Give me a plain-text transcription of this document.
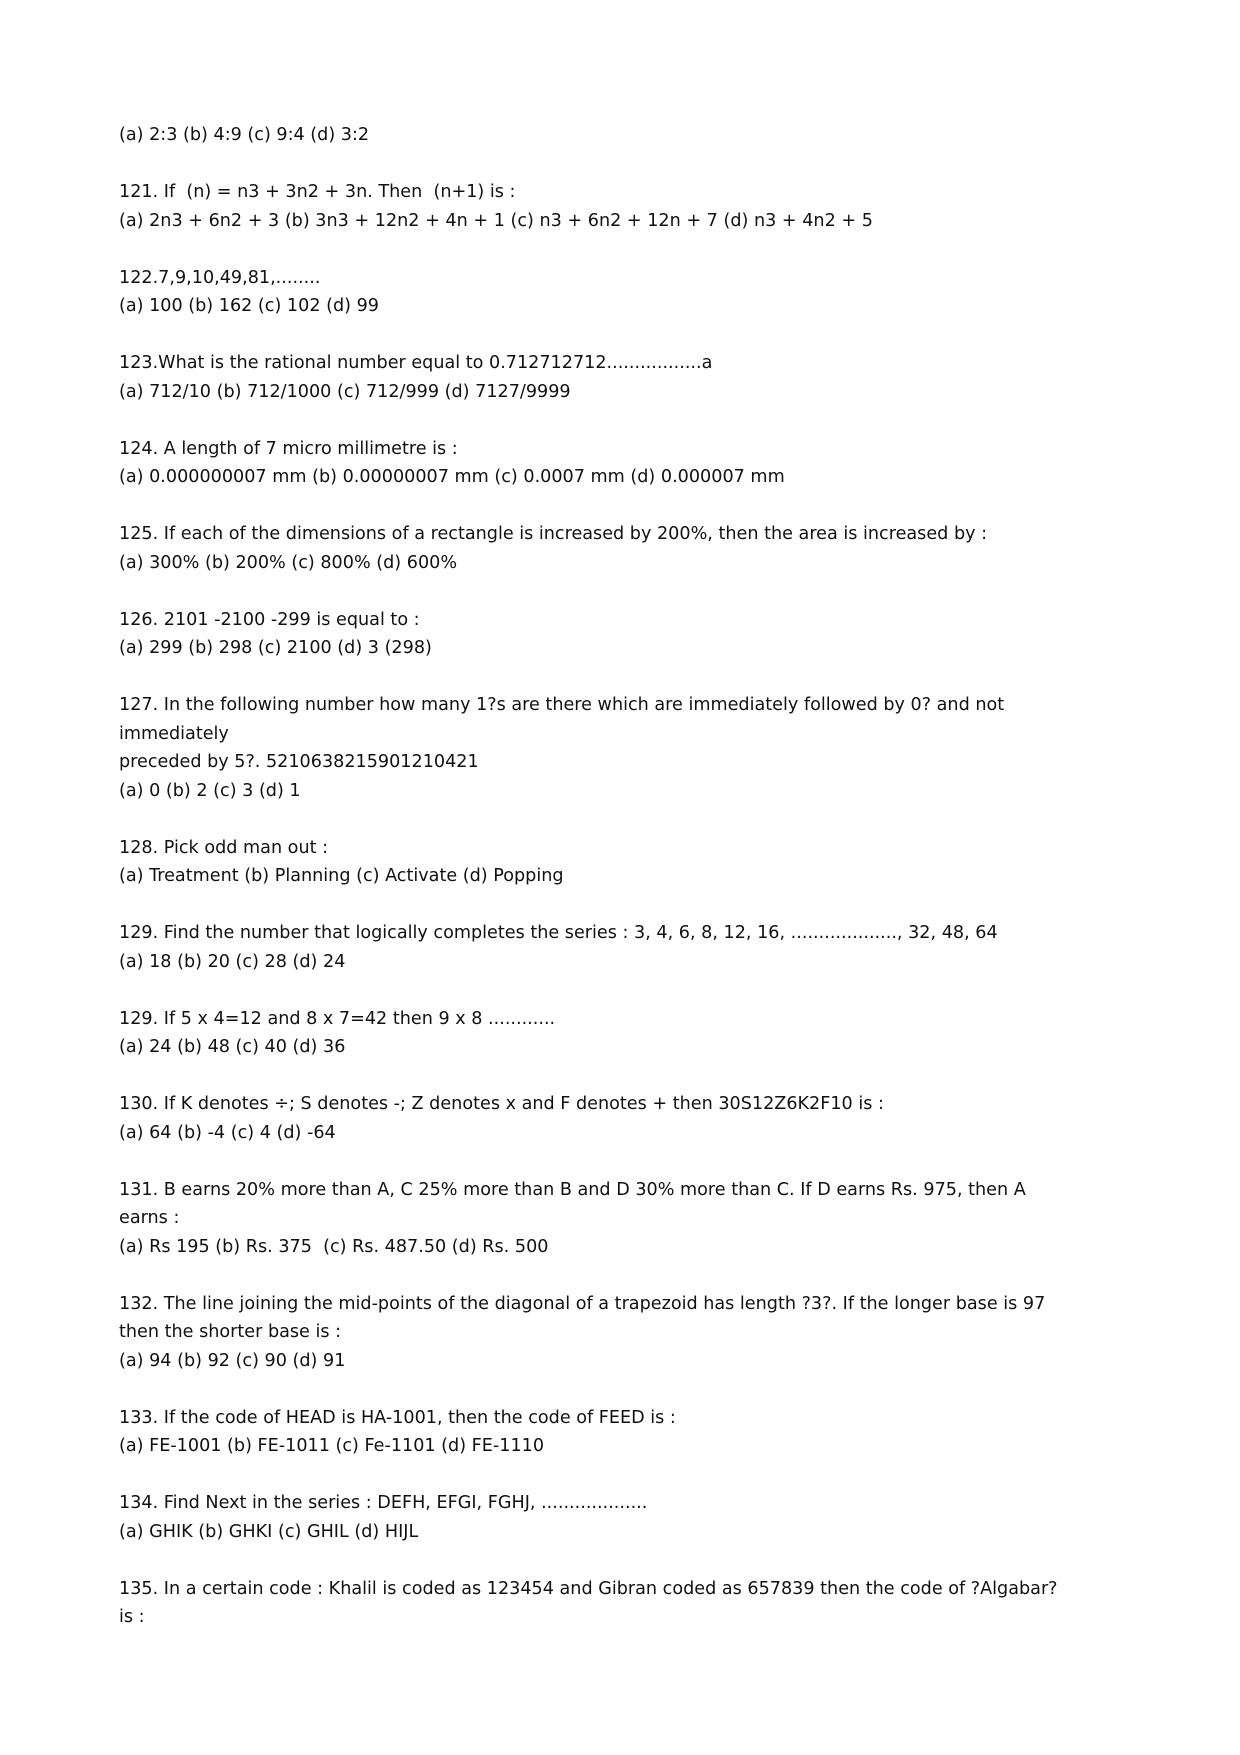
(a) 2:3 (b) 4:9 (c) 9:4 (d) 3:2
121. If  (n) = n3 + 3n2 + 3n. Then  (n+1) is :
(a) 2n3 + 6n2 + 3 (b) 3n3 + 12n2 + 4n + 1 (c) n3 + 6n2 + 12n + 7 (d) n3 + 4n2 + 5
122.7,9,10,49,81,........
(a) 100 (b) 162 (c) 102 (d) 99
123.What is the rational number equal to 0.712712712.................a
(a) 712/10 (b) 712/1000 (c) 712/999 (d) 7127/9999
124. A length of 7 micro millimetre is :
(a) 0.000000007 mm (b) 0.00000007 mm (c) 0.0007 mm (d) 0.000007 mm
125. If each of the dimensions of a rectangle is increased by 200%, then the area is increased by :
(a) 300% (b) 200% (c) 800% (d) 600%
126. 2101 -2100 -299 is equal to :
(a) 299 (b) 298 (c) 2100 (d) 3 (298)
127. In the following number how many 1?s are there which are immediately followed by 0? and not
immediately
preceded by 5?. 5210638215901210421
(a) 0 (b) 2 (c) 3 (d) 1
128. Pick odd man out :
(a) Treatment (b) Planning (c) Activate (d) Popping
129. Find the number that logically completes the series : 3, 4, 6, 8, 12, 16, ..................., 32, 48, 64
(a) 18 (b) 20 (c) 28 (d) 24
129. If 5 x 4=12 and 8 x 7=42 then 9 x 8 ............
(a) 24 (b) 48 (c) 40 (d) 36
130. If K denotes ÷; S denotes -; Z denotes x and F denotes + then 30S12Z6K2F10 is :
(a) 64 (b) -4 (c) 4 (d) -64
131. B earns 20% more than A, C 25% more than B and D 30% more than C. If D earns Rs. 975, then A
earns :
(a) Rs 195 (b) Rs. 375  (c) Rs. 487.50 (d) Rs. 500
132. The line joining the mid-points of the diagonal of a trapezoid has length ?3?. If the longer base is 97
then the shorter base is :
(a) 94 (b) 92 (c) 90 (d) 91
133. If the code of HEAD is HA-1001, then the code of FEED is :
(a) FE-1001 (b) FE-1011 (c) Fe-1101 (d) FE-1110
134. Find Next in the series : DEFH, EFGI, FGHJ, ...................
(a) GHIK (b) GHKI (c) GHIL (d) HIJL
135. In a certain code : Khalil is coded as 123454 and Gibran coded as 657839 then the code of ?Algabar?
is :
